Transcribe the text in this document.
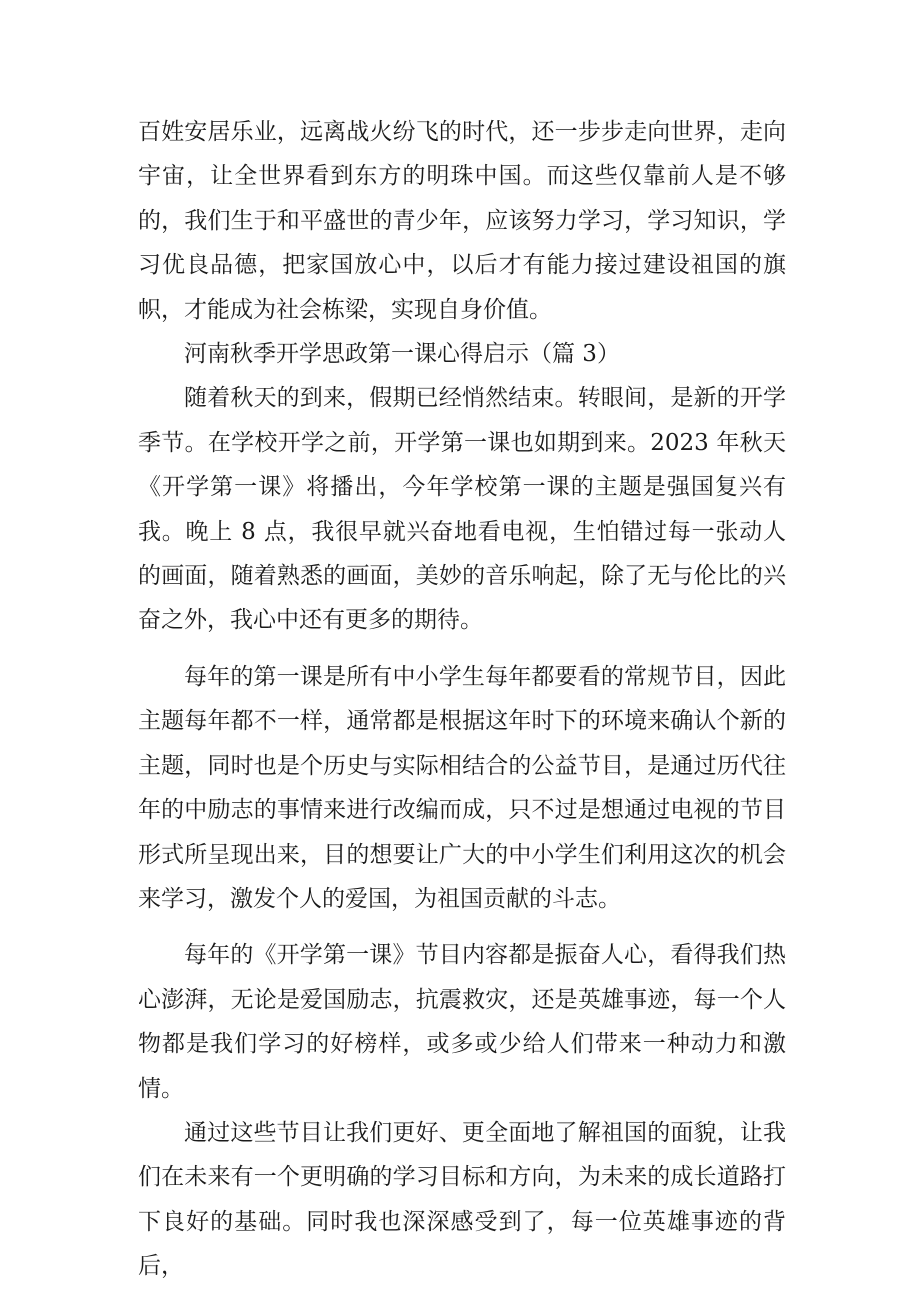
百姓安居乐业，远离战火纷飞的时代，还一步步走向世界，走向宇宙，让全世界看到东方的明珠中国。而这些仅靠前人是不够的，我们生于和平盛世的青少年，应该努力学习，学习知识，学习优良品德，把家国放心中，以后才有能力接过建设祖国的旗帜，才能成为社会栋梁，实现自身价值。

河南秋季开学思政第一课心得启示（篇 3）

随着秋天的到来，假期已经悄然结束。转眼间，是新的开学季节。在学校开学之前，开学第一课也如期到来。2023 年秋天《开学第一课》将播出，今年学校第一课的主题是强国复兴有我。晚上 8 点，我很早就兴奋地看电视，生怕错过每一张动人的画面，随着熟悉的画面，美妙的音乐响起，除了无与伦比的兴奋之外，我心中还有更多的期待。

每年的第一课是所有中小学生每年都要看的常规节目，因此主题每年都不一样，通常都是根据这年时下的环境来确认个新的主题，同时也是个历史与实际相结合的公益节目，是通过历代往年的中励志的事情来进行改编而成，只不过是想通过电视的节目形式所呈现出来，目的想要让广大的中小学生们利用这次的机会来学习，激发个人的爱国，为祖国贡献的斗志。

每年的《开学第一课》节目内容都是振奋人心，看得我们热心澎湃，无论是爱国励志，抗震救灾，还是英雄事迹，每一个人物都是我们学习的好榜样，或多或少给人们带来一种动力和激情。

通过这些节目让我们更好、更全面地了解祖国的面貌，让我们在未来有一个更明确的学习目标和方向，为未来的成长道路打下良好的基础。同时我也深深感受到了，每一位英雄事迹的背后，
